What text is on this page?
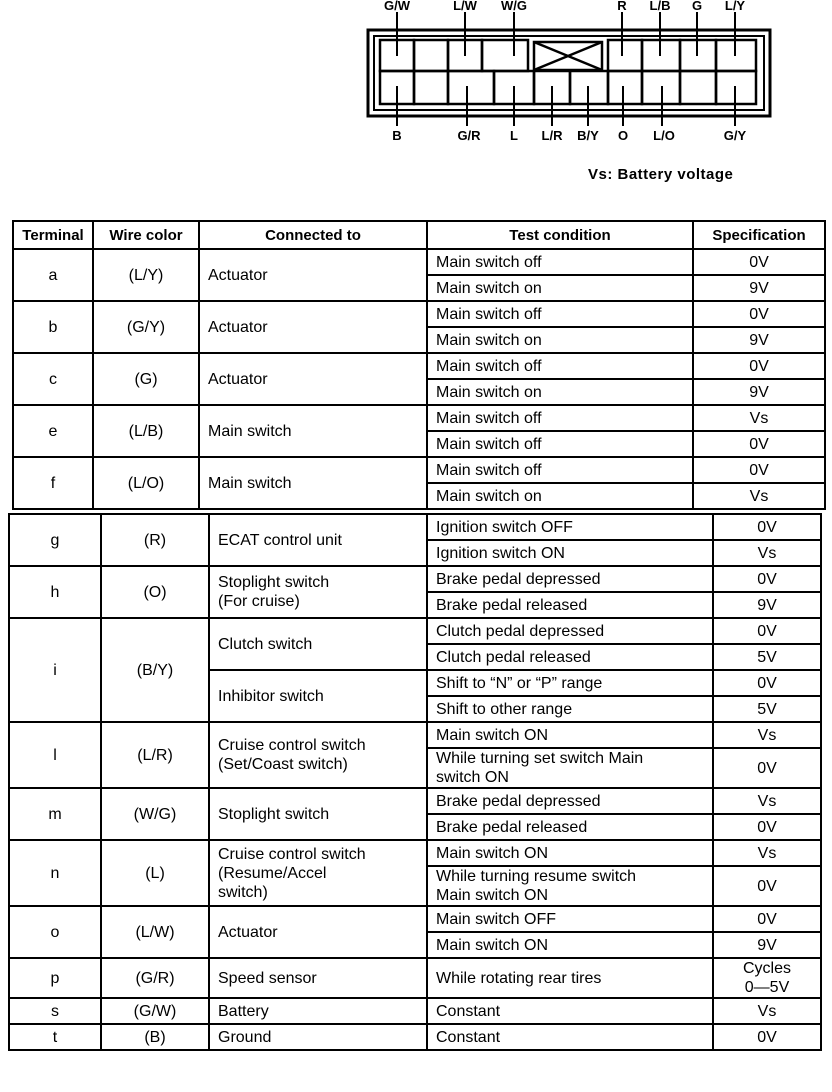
G/W	L/W W/G	R L/B G L/Y
B	G/R L L/R B/Y O L/O	G/Y
Vs: Battery voltage
Terminal	Wire color	Connected to	Test condition	Specification
a	(L/Y)	Actuator	Main switch off	0V
			Main switch on	9V
b	(G/Y)	Actuator	Main switch off	0V
			Main switch on	9V
c	(G)	Actuator	Main switch off	0V
			Main switch on	9V
e	(L/B)	Main switch	Main switch off	Vs
			Main switch off	0V
f	(L/O)	Main switch	Main switch off	0V
			Main switch on	Vs
g	(R)	ECAT control unit	Ignition switch OFF	0V
			Ignition switch ON	Vs
h	(O)	Stoplight switch
(For cruise)	Brake pedal depressed	0V
			Brake pedal released	9V
i	(B/Y)	Clutch switch	Clutch pedal depressed	0V
			Clutch pedal released	5V
		Inhibitor switch	Shift to “N” or “P” range	0V
			Shift to other range	5V
l	(L/R)	Cruise control switch
(Set/Coast switch)	Main switch ON	Vs
			While turning set switch Main
switch ON	0V
m	(W/G)	Stoplight switch	Brake pedal depressed	Vs
			Brake pedal released	0V
n	(L)	Cruise control switch
(Resume/Accel
switch)	Main switch ON	Vs
			While turning resume switch
Main switch ON	0V
o	(L/W)	Actuator	Main switch OFF	0V
			Main switch ON	9V
p	(G/R)	Speed sensor	While rotating rear tires	Cycles
0—5V
s	(G/W)	Battery	Constant	Vs
t	(B)	Ground	Constant	0V
